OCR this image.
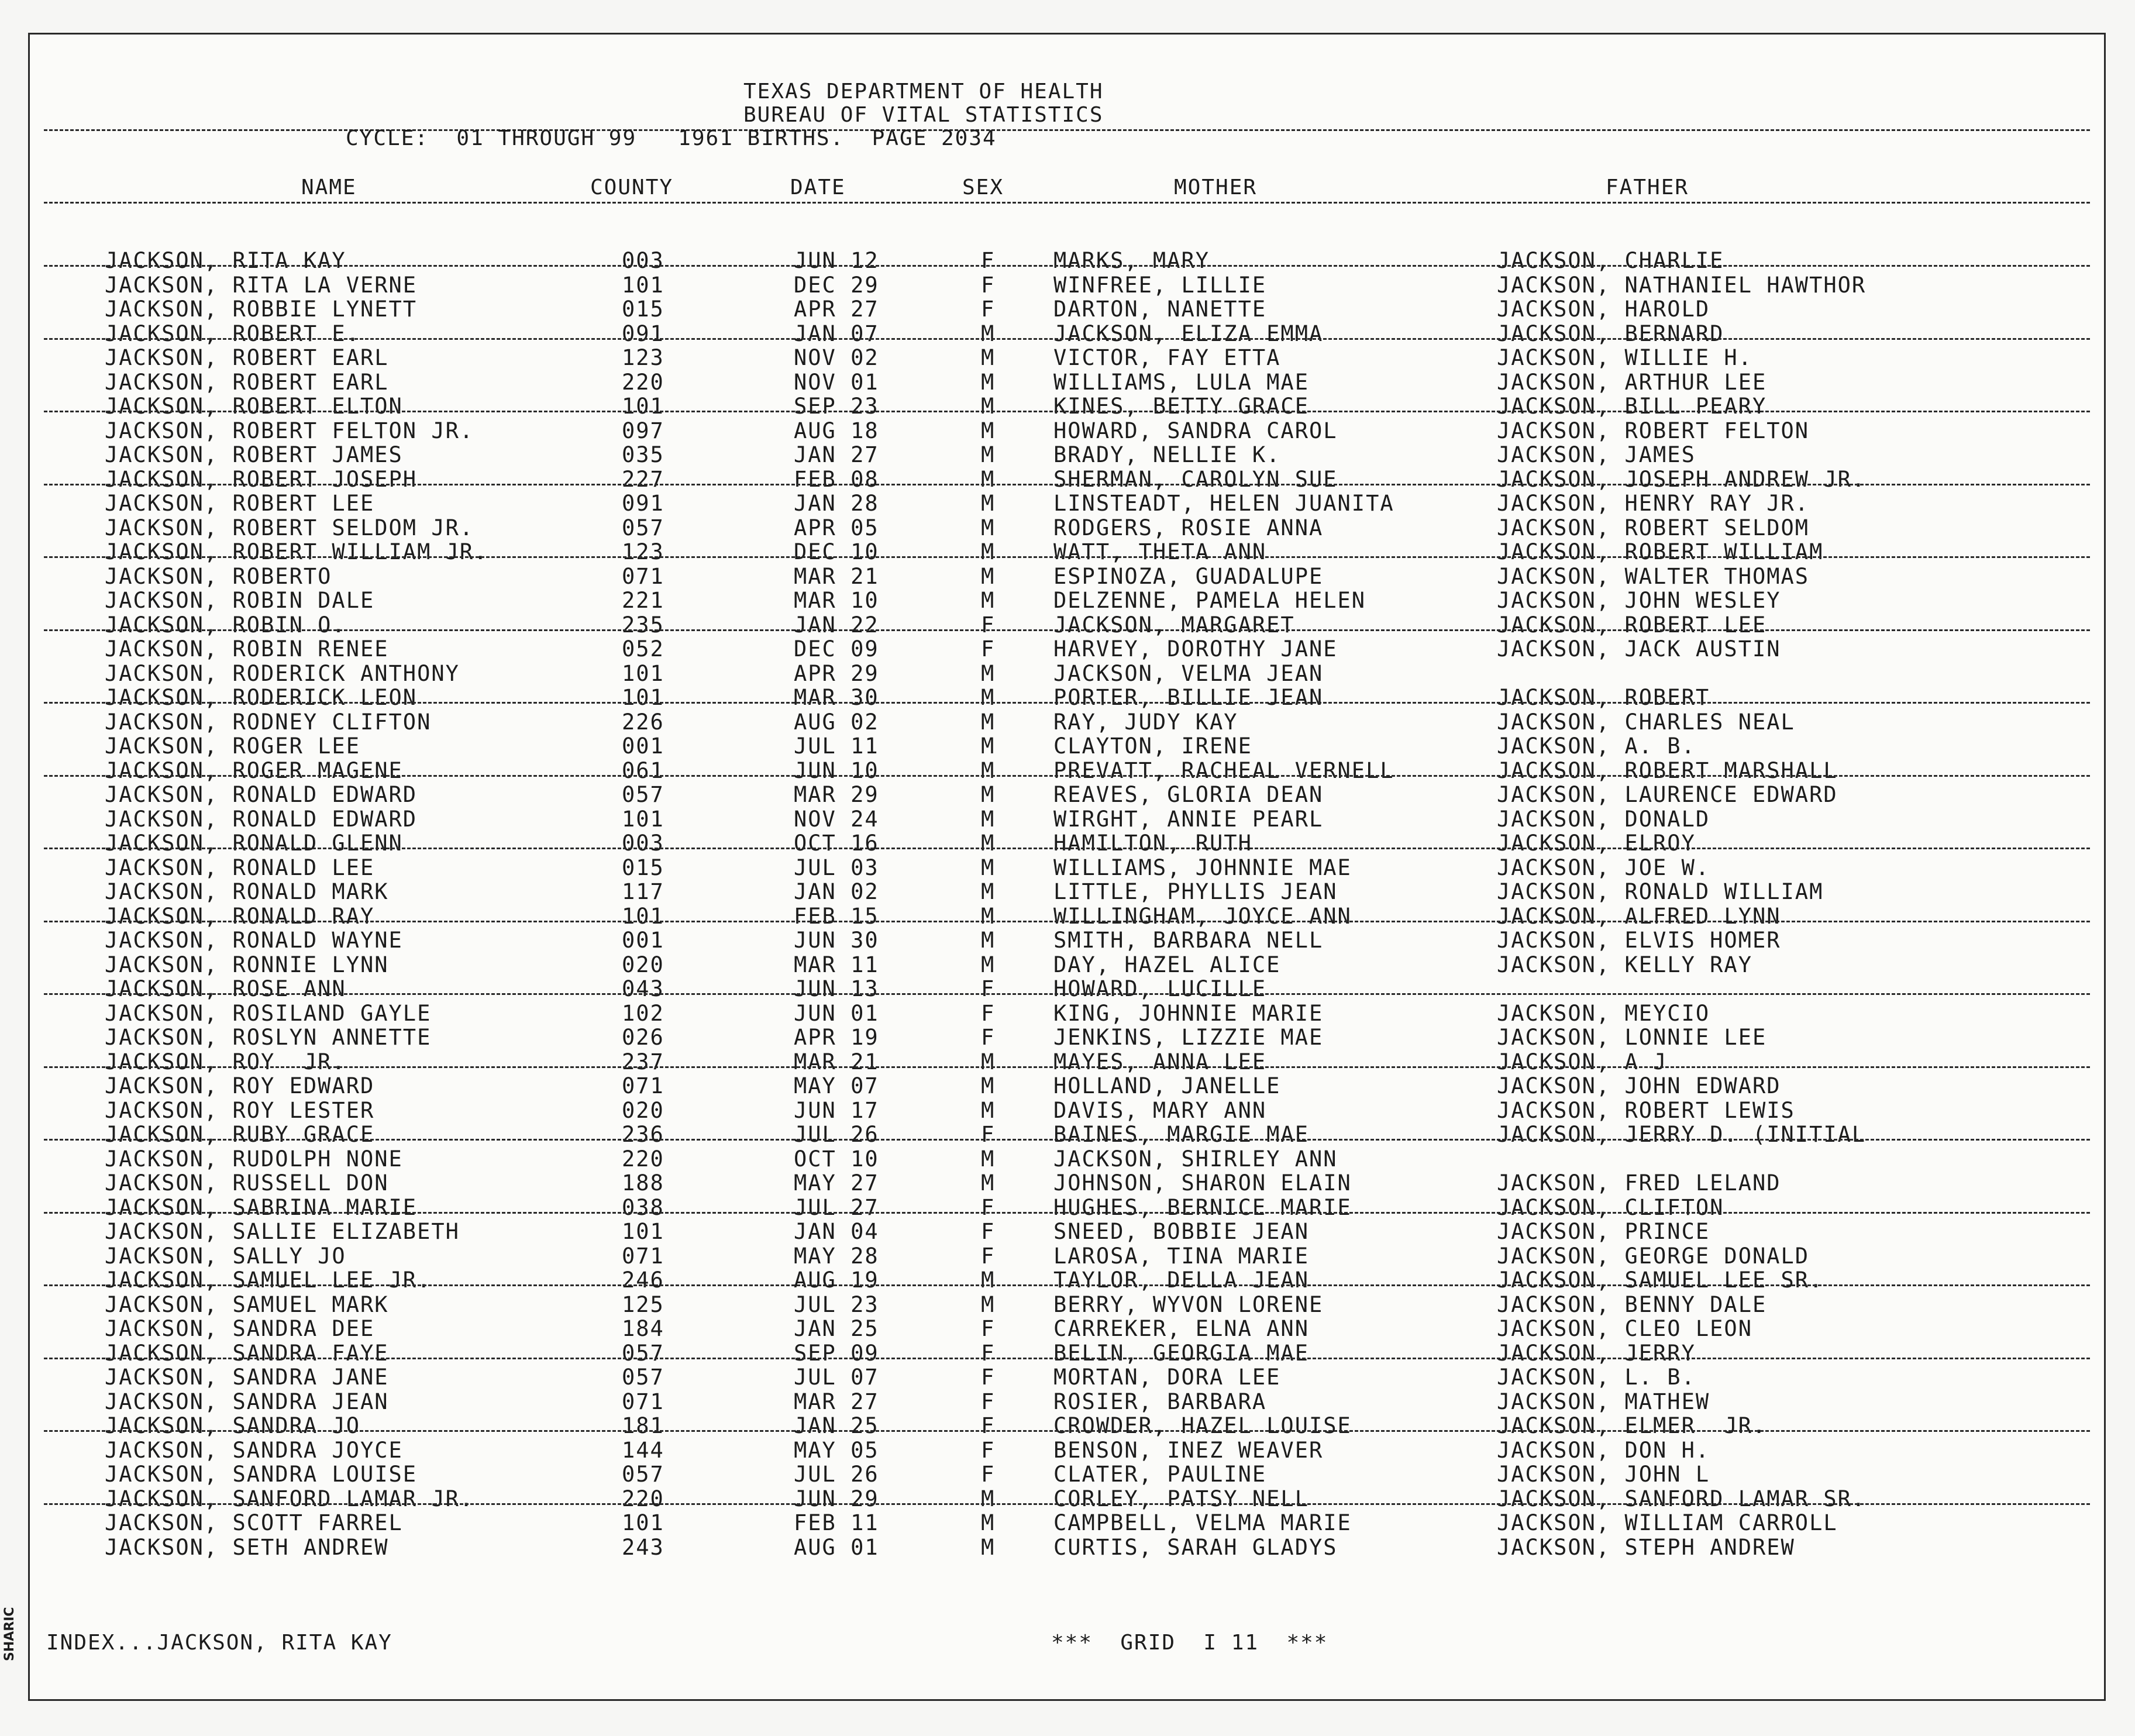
TEXAS DEPARTMENT OF HEALTH
BUREAU OF VITAL STATISTICS
CYCLE:  01 THROUGH 99   1961 BIRTHS.  PAGE 2034
NAME	COUNTY	DATE	SEX	MOTHER	FATHER
JACKSON, RITA KAY	003	JUN 12	F	MARKS, MARY	JACKSON, CHARLIE
JACKSON, RITA LA VERNE	101	DEC 29	F	WINFREE, LILLIE	JACKSON, NATHANIEL HAWTHOR
JACKSON, ROBBIE LYNETT	015	APR 27	F	DARTON, NANETTE	JACKSON, HAROLD
JACKSON, ROBERT E.	091	JAN 07	M	JACKSON, ELIZA EMMA	JACKSON, BERNARD
JACKSON, ROBERT EARL	123	NOV 02	M	VICTOR, FAY ETTA	JACKSON, WILLIE H.
JACKSON, ROBERT EARL	220	NOV 01	M	WILLIAMS, LULA MAE	JACKSON, ARTHUR LEE
JACKSON, ROBERT ELTON	101	SEP 23	M	KINES, BETTY GRACE	JACKSON, BILL PEARY
JACKSON, ROBERT FELTON JR.	097	AUG 18	M	HOWARD, SANDRA CAROL	JACKSON, ROBERT FELTON
JACKSON, ROBERT JAMES	035	JAN 27	M	BRADY, NELLIE K.	JACKSON, JAMES
JACKSON, ROBERT JOSEPH	227	FEB 08	M	SHERMAN, CAROLYN SUE	JACKSON, JOSEPH ANDREW JR.
JACKSON, ROBERT LEE	091	JAN 28	M	LINSTEADT, HELEN JUANITA	JACKSON, HENRY RAY JR.
JACKSON, ROBERT SELDOM JR.	057	APR 05	M	RODGERS, ROSIE ANNA	JACKSON, ROBERT SELDOM
JACKSON, ROBERT WILLIAM JR.	123	DEC 10	M	WATT, THETA ANN	JACKSON, ROBERT WILLIAM
JACKSON, ROBERTO	071	MAR 21	M	ESPINOZA, GUADALUPE	JACKSON, WALTER THOMAS
JACKSON, ROBIN DALE	221	MAR 10	M	DELZENNE, PAMELA HELEN	JACKSON, JOHN WESLEY
JACKSON, ROBIN O.	235	JAN 22	F	JACKSON, MARGARET	JACKSON, ROBERT LEE
JACKSON, ROBIN RENEE	052	DEC 09	F	HARVEY, DOROTHY JANE	JACKSON, JACK AUSTIN
JACKSON, RODERICK ANTHONY	101	APR 29	M	JACKSON, VELMA JEAN
JACKSON, RODERICK LEON	101	MAR 30	M	PORTER, BILLIE JEAN	JACKSON, ROBERT
JACKSON, RODNEY CLIFTON	226	AUG 02	M	RAY, JUDY KAY	JACKSON, CHARLES NEAL
JACKSON, ROGER LEE	001	JUL 11	M	CLAYTON, IRENE	JACKSON, A. B.
JACKSON, ROGER MAGENE	061	JUN 10	M	PREVATT, RACHEAL VERNELL	JACKSON, ROBERT MARSHALL
JACKSON, RONALD EDWARD	057	MAR 29	M	REAVES, GLORIA DEAN	JACKSON, LAURENCE EDWARD
JACKSON, RONALD EDWARD	101	NOV 24	M	WIRGHT, ANNIE PEARL	JACKSON, DONALD
JACKSON, RONALD GLENN	003	OCT 16	M	HAMILTON, RUTH	JACKSON, ELROY
JACKSON, RONALD LEE	015	JUL 03	M	WILLIAMS, JOHNNIE MAE	JACKSON, JOE W.
JACKSON, RONALD MARK	117	JAN 02	M	LITTLE, PHYLLIS JEAN	JACKSON, RONALD WILLIAM
JACKSON, RONALD RAY	101	FEB 15	M	WILLINGHAM, JOYCE ANN	JACKSON, ALFRED LYNN
JACKSON, RONALD WAYNE	001	JUN 30	M	SMITH, BARBARA NELL	JACKSON, ELVIS HOMER
JACKSON, RONNIE LYNN	020	MAR 11	M	DAY, HAZEL ALICE	JACKSON, KELLY RAY
JACKSON, ROSE ANN	043	JUN 13	F	HOWARD, LUCILLE
JACKSON, ROSILAND GAYLE	102	JUN 01	F	KING, JOHNNIE MARIE	JACKSON, MEYCIO
JACKSON, ROSLYN ANNETTE	026	APR 19	F	JENKINS, LIZZIE MAE	JACKSON, LONNIE LEE
JACKSON, ROY  JR.	237	MAR 21	M	MAYES, ANNA LEE	JACKSON, A J
JACKSON, ROY EDWARD	071	MAY 07	M	HOLLAND, JANELLE	JACKSON, JOHN EDWARD
JACKSON, ROY LESTER	020	JUN 17	M	DAVIS, MARY ANN	JACKSON, ROBERT LEWIS
JACKSON, RUBY GRACE	236	JUL 26	F	BAINES, MARGIE MAE	JACKSON, JERRY D. (INITIAL
JACKSON, RUDOLPH NONE	220	OCT 10	M	JACKSON, SHIRLEY ANN
JACKSON, RUSSELL DON	188	MAY 27	M	JOHNSON, SHARON ELAIN	JACKSON, FRED LELAND
JACKSON, SABRINA MARIE	038	JUL 27	F	HUGHES, BERNICE MARIE	JACKSON, CLIFTON
JACKSON, SALLIE ELIZABETH	101	JAN 04	F	SNEED, BOBBIE JEAN	JACKSON, PRINCE
JACKSON, SALLY JO	071	MAY 28	F	LAROSA, TINA MARIE	JACKSON, GEORGE DONALD
JACKSON, SAMUEL LEE JR.	246	AUG 19	M	TAYLOR, DELLA JEAN	JACKSON, SAMUEL LEE SR.
JACKSON, SAMUEL MARK	125	JUL 23	M	BERRY, WYVON LORENE	JACKSON, BENNY DALE
JACKSON, SANDRA DEE	184	JAN 25	F	CARREKER, ELNA ANN	JACKSON, CLEO LEON
JACKSON, SANDRA FAYE	057	SEP 09	F	BELIN, GEORGIA MAE	JACKSON, JERRY
JACKSON, SANDRA JANE	057	JUL 07	F	MORTAN, DORA LEE	JACKSON, L. B.
JACKSON, SANDRA JEAN	071	MAR 27	F	ROSIER, BARBARA	JACKSON, MATHEW
JACKSON, SANDRA JO	181	JAN 25	F	CROWDER, HAZEL LOUISE	JACKSON, ELMER  JR.
JACKSON, SANDRA JOYCE	144	MAY 05	F	BENSON, INEZ WEAVER	JACKSON, DON H.
JACKSON, SANDRA LOUISE	057	JUL 26	F	CLATER, PAULINE	JACKSON, JOHN L
JACKSON, SANFORD LAMAR JR.	220	JUN 29	M	CORLEY, PATSY NELL	JACKSON, SANFORD LAMAR SR.
JACKSON, SCOTT FARREL	101	FEB 11	M	CAMPBELL, VELMA MARIE	JACKSON, WILLIAM CARROLL
JACKSON, SETH ANDREW	243	AUG 01	M	CURTIS, SARAH GLADYS	JACKSON, STEPH ANDREW
INDEX...JACKSON, RITA KAY	***  GRID  I 11  ***
SHARIC
